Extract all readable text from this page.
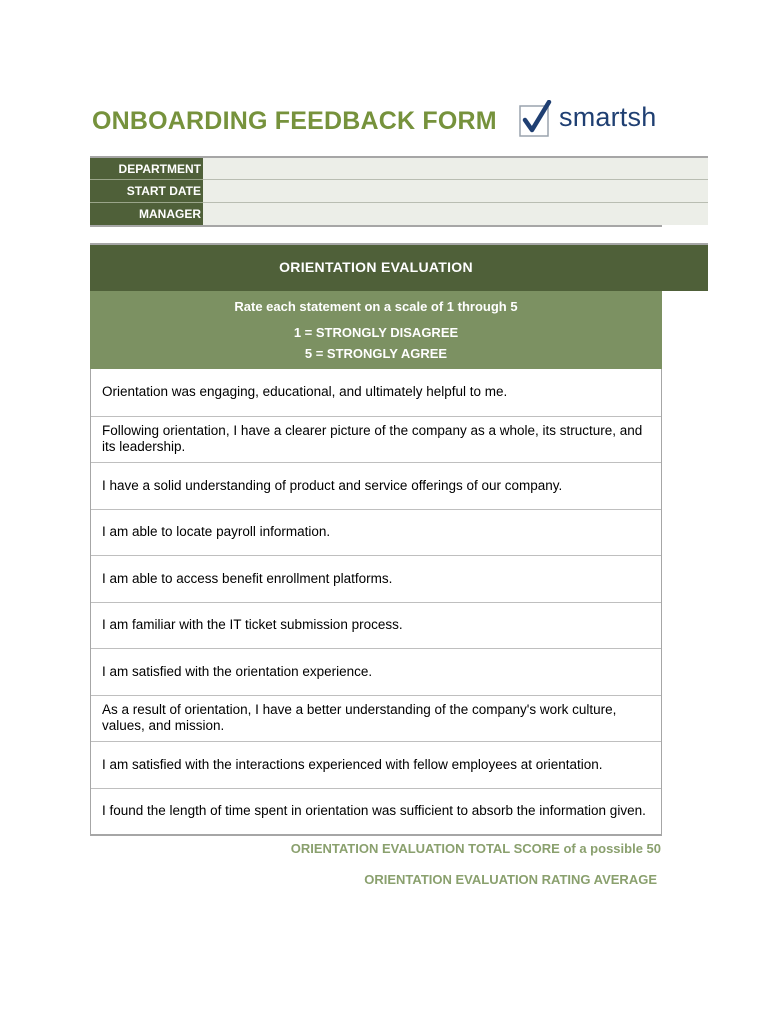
ONBOARDING FEEDBACK FORM smartsh
DEPARTMENT
START DATE
MANAGER
ORIENTATION EVALUATION
Rate each statement on a scale of 1 through 5
1 = STRONGLY DISAGREE
5 = STRONGLY AGREE
Orientation was engaging, educational, and ultimately helpful to me.
Following orientation, I have a clearer picture of the company as a whole, its structure, and its leadership.
I have a solid understanding of product and service offerings of our company.
I am able to locate payroll information.
I am able to access benefit enrollment platforms.
I am familiar with the IT ticket submission process.
I am satisfied with the orientation experience.
As a result of orientation, I have a better understanding of the company's work culture, values, and mission.
I am satisfied with the interactions experienced with fellow employees at orientation.
I found the length of time spent in orientation was sufficient to absorb the information given.
ORIENTATION EVALUATION TOTAL SCORE of a possible 50
ORIENTATION EVALUATION RATING AVERAGE
